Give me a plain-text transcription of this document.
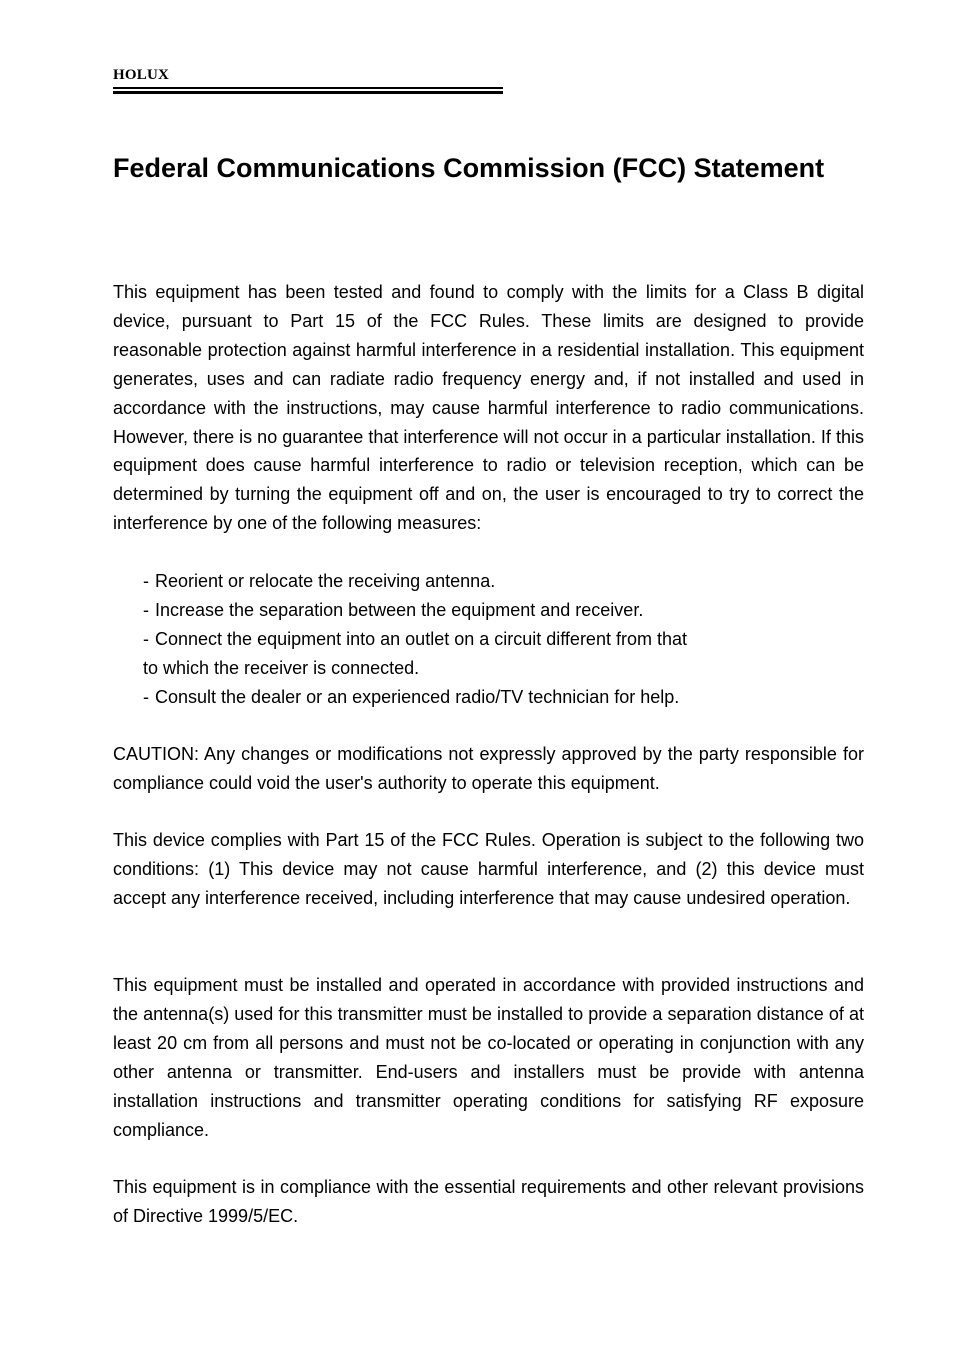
HOLUX
Federal Communications Commission (FCC) Statement

This equipment has been tested and found to comply with the limits for a Class B digital device, pursuant to Part 15 of the FCC Rules. These limits are designed to provide reasonable protection against harmful interference in a residential installation. This equipment generates, uses and can radiate radio frequency energy and, if not installed and used in accordance with the instructions, may cause harmful interference to radio communications. However, there is no guarantee that interference will not occur in a particular installation. If this equipment does cause harmful interference to radio or television reception, which can be determined by turning the equipment off and on, the user is encouraged to try to correct the interference by one of the following measures:

- Reorient or relocate the receiving antenna.
- Increase the separation between the equipment and receiver.
- Connect the equipment into an outlet on a circuit different from that
to which the receiver is connected.
- Consult the dealer or an experienced radio/TV technician for help.

CAUTION: Any changes or modifications not expressly approved by the party responsible for compliance could void the user's authority to operate this equipment.

This device complies with Part 15 of the FCC Rules. Operation is subject to the following two conditions: (1) This device may not cause harmful interference, and (2) this device must accept any interference received, including interference that may cause undesired operation.

This equipment must be installed and operated in accordance with provided instructions and the antenna(s) used for this transmitter must be installed to provide a separation distance of at least 20 cm from all persons and must not be co-located or operating in conjunction with any other antenna or transmitter. End-users and installers must be provide with antenna installation instructions and transmitter operating conditions for satisfying RF exposure compliance.

This equipment is in compliance with the essential requirements and other relevant provisions of Directive 1999/5/EC.
